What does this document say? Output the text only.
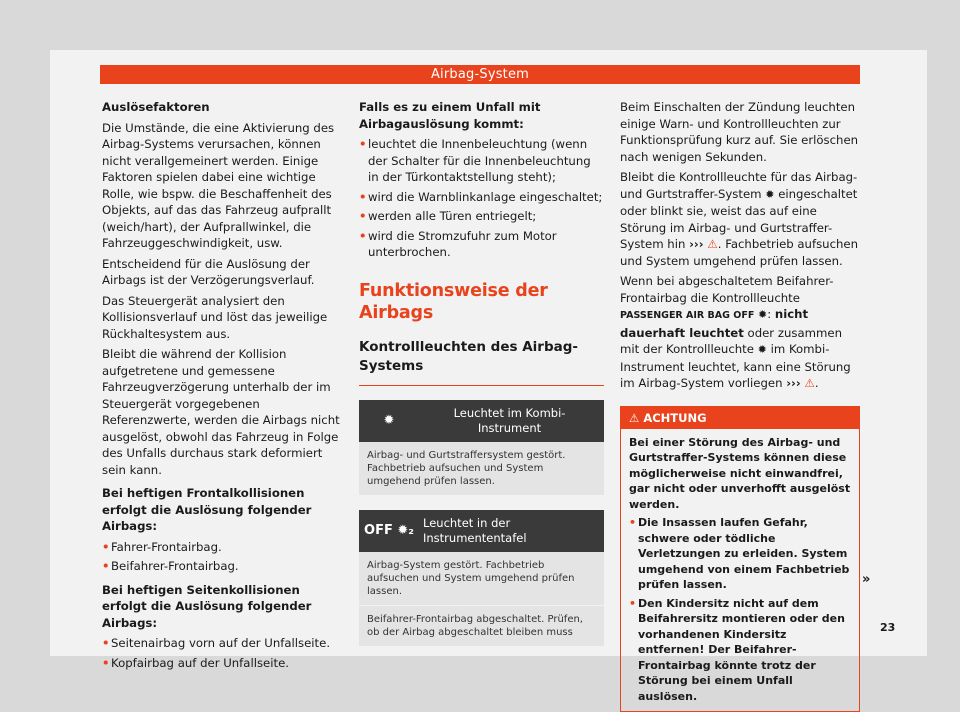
Airbag-System

Auslösefaktoren

Die Umstände, die eine Aktivierung des Airbag-Systems verursachen, können nicht verallgemeinert werden. Einige Faktoren spielen dabei eine wichtige Rolle, wie bspw. die Beschaffenheit des Objekts, auf das das Fahrzeug aufprallt (weich/hart), der Aufprallwinkel, die Fahrzeuggeschwindigkeit, usw.

Entscheidend für die Auslösung der Airbags ist der Verzögerungsverlauf.

Das Steuergerät analysiert den Kollisionsverlauf und löst das jeweilige Rückhaltesystem aus.

Bleibt die während der Kollision aufgetretene und gemessene Fahrzeugverzögerung unterhalb der im Steuergerät vorgegebenen Referenzwerte, werden die Airbags nicht ausgelöst, obwohl das Fahrzeug in Folge des Unfalls durchaus stark deformiert sein kann.

Bei heftigen Frontalkollisionen erfolgt die Auslösung folgender Airbags:

• Fahrer-Frontairbag.
• Beifahrer-Frontairbag.

Bei heftigen Seitenkollisionen erfolgt die Auslösung folgender Airbags:

• Seitenairbag vorn auf der Unfallseite.
• Kopfairbag auf der Unfallseite.

Falls es zu einem Unfall mit Airbagauslösung kommt:

• leuchtet die Innenbeleuchtung (wenn der Schalter für die Innenbeleuchtung in der Türkontaktstellung steht);
• wird die Warnblinkanlage eingeschaltet;
• werden alle Türen entriegelt;
• wird die Stromzufuhr zum Motor unterbrochen.
Funktionsweise der Airbags
Kontrollleuchten des Airbag-Systems
✹
Leuchtet im Kombi-Instrument
Airbag- und Gurtstraffersystem gestört. Fachbetrieb aufsuchen und System umgehend prüfen lassen.
OFF ✹₂
Leuchtet in der Instrumententafel
Airbag-System gestört. Fachbetrieb aufsuchen und System umgehend prüfen lassen.
Beifahrer-Frontairbag abgeschaltet. Prüfen, ob der Airbag abgeschaltet bleiben muss

Beim Einschalten der Zündung leuchten einige Warn- und Kontrollleuchten zur Funktionsprüfung kurz auf. Sie erlöschen nach wenigen Sekunden.

Bleibt die Kontrollleuchte für das Airbag- und Gurtstraffer-System ✹ eingeschaltet oder blinkt sie, weist das auf eine Störung im Airbag- und Gurtstraffer-System hin ››› ⚠. Fachbetrieb aufsuchen und System umgehend prüfen lassen.

Wenn bei abgeschaltetem Beifahrer-Frontairbag die Kontrollleuchte PASSENGER AIR BAG OFF ✹: nicht dauerhaft leuchtet oder zusammen mit der Kontrollleuchte ✹ im Kombi-Instrument leuchtet, kann eine Störung im Airbag-System vorliegen ››› ⚠.

⚠ ACHTUNG

Bei einer Störung des Airbag- und Gurtstraffer-Systems können diese möglicherweise nicht einwandfrei, gar nicht oder unverhofft ausgelöst werden.

• Die Insassen laufen Gefahr, schwere oder tödliche Verletzungen zu erleiden. System umgehend von einem Fachbetrieb prüfen lassen.
• Den Kindersitz nicht auf dem Beifahrersitz montieren oder den vorhandenen Kindersitz entfernen! Der Beifahrer-Frontairbag könnte trotz der Störung bei einem Unfall auslösen.
»
23
